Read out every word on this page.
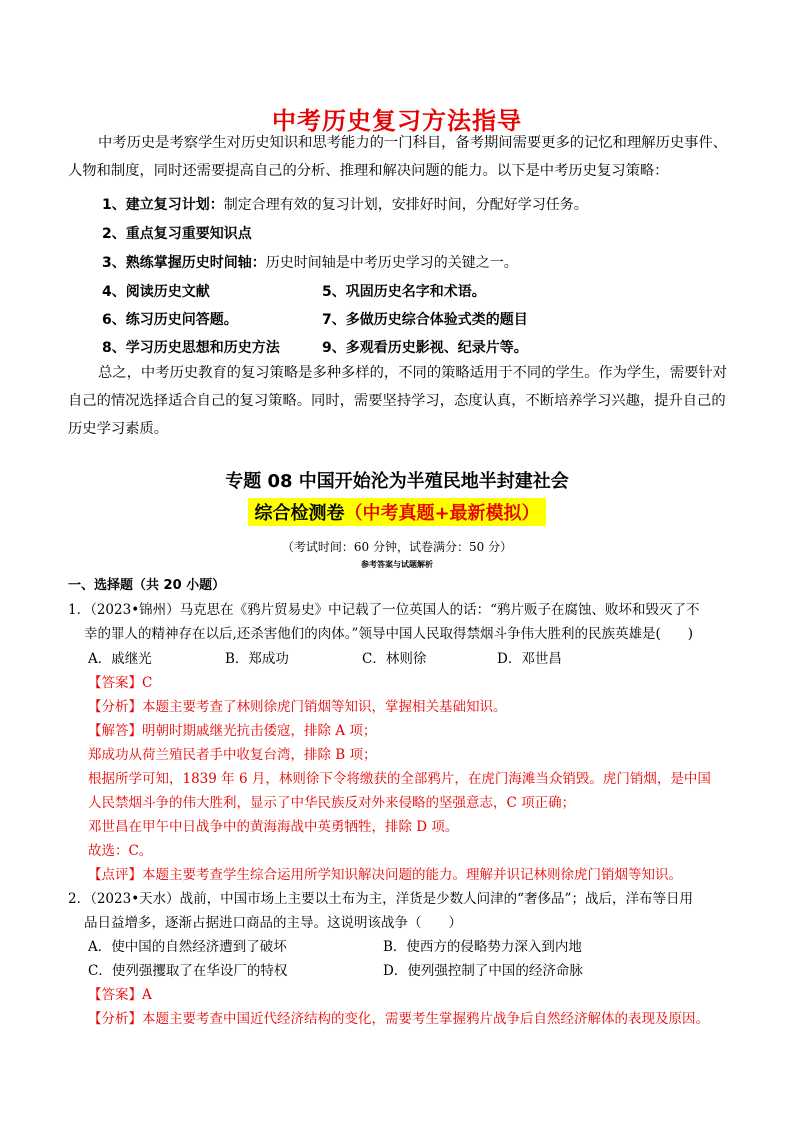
中考历史复习方法指导
中考历史是考察学生对历史知识和思考能力的一门科目，备考期间需要更多的记忆和理解历史事件、人物和制度，同时还需要提高自己的分析、推理和解决问题的能力。以下是中考历史复习策略：
1、建立复习计划：制定合理有效的复习计划，安排好时间，分配好学习任务。
2、重点复习重要知识点
3、熟练掌握历史时间轴：历史时间轴是中考历史学习的关键之一。
4、阅读历史文献	5、巩固历史名字和术语。
6、练习历史问答题。	7、多做历史综合体验式类的题目
8、学习历史思想和历史方法	9、多观看历史影视、纪录片等。
总之，中考历史教育的复习策略是多种多样的，不同的策略适用于不同的学生。作为学生，需要针对自己的情况选择适合自己的复习策略。同时，需要坚持学习，态度认真，不断培养学习兴趣，提升自己的历史学习素质。
专题 08 中国开始沦为半殖民地半封建社会
综合检测卷（中考真题+最新模拟）
（考试时间：60 分钟，试卷满分：50 分）
参考答案与试题解析
一、选择题（共 20 小题）
1．（2023•锦州）马克思在《鸦片贸易史》中记载了一位英国人的话：“鸦片贩子在腐蚀、败坏和毁灭了不
幸的罪人的精神存在以后,还杀害他们的肉体。”领导中国人民取得禁烟斗争伟大胜利的民族英雄是(　　)
A．戚继光	B．郑成功	C．林则徐	D．邓世昌
【答案】C
【分析】本题主要考查了林则徐虎门销烟等知识，掌握相关基础知识。
【解答】明朝时期戚继光抗击倭寇，排除 A 项；
郑成功从荷兰殖民者手中收复台湾，排除 B 项；
根据所学可知，1839 年 6 月，林则徐下令将缴获的全部鸦片，在虎门海滩当众销毁。虎门销烟，是中国
人民禁烟斗争的伟大胜利，显示了中华民族反对外来侵略的坚强意志，C 项正确；
邓世昌在甲午中日战争中的黄海海战中英勇牺牲，排除 D 项。
故选：C。
【点评】本题主要考查学生综合运用所学知识解决问题的能力。理解并识记林则徐虎门销烟等知识。
2．（2023•天水）战前，中国市场上主要以土布为主，洋货是少数人问津的“奢侈品”；战后，洋布等日用
品日益增多，逐渐占据进口商品的主导。这说明该战争（　　）
A．使中国的自然经济遭到了破坏	B．使西方的侵略势力深入到内地
C．使列强攫取了在华设厂的特权	D．使列强控制了中国的经济命脉
【答案】A
【分析】本题主要考查中国近代经济结构的变化，需要考生掌握鸦片战争后自然经济解体的表现及原因。
